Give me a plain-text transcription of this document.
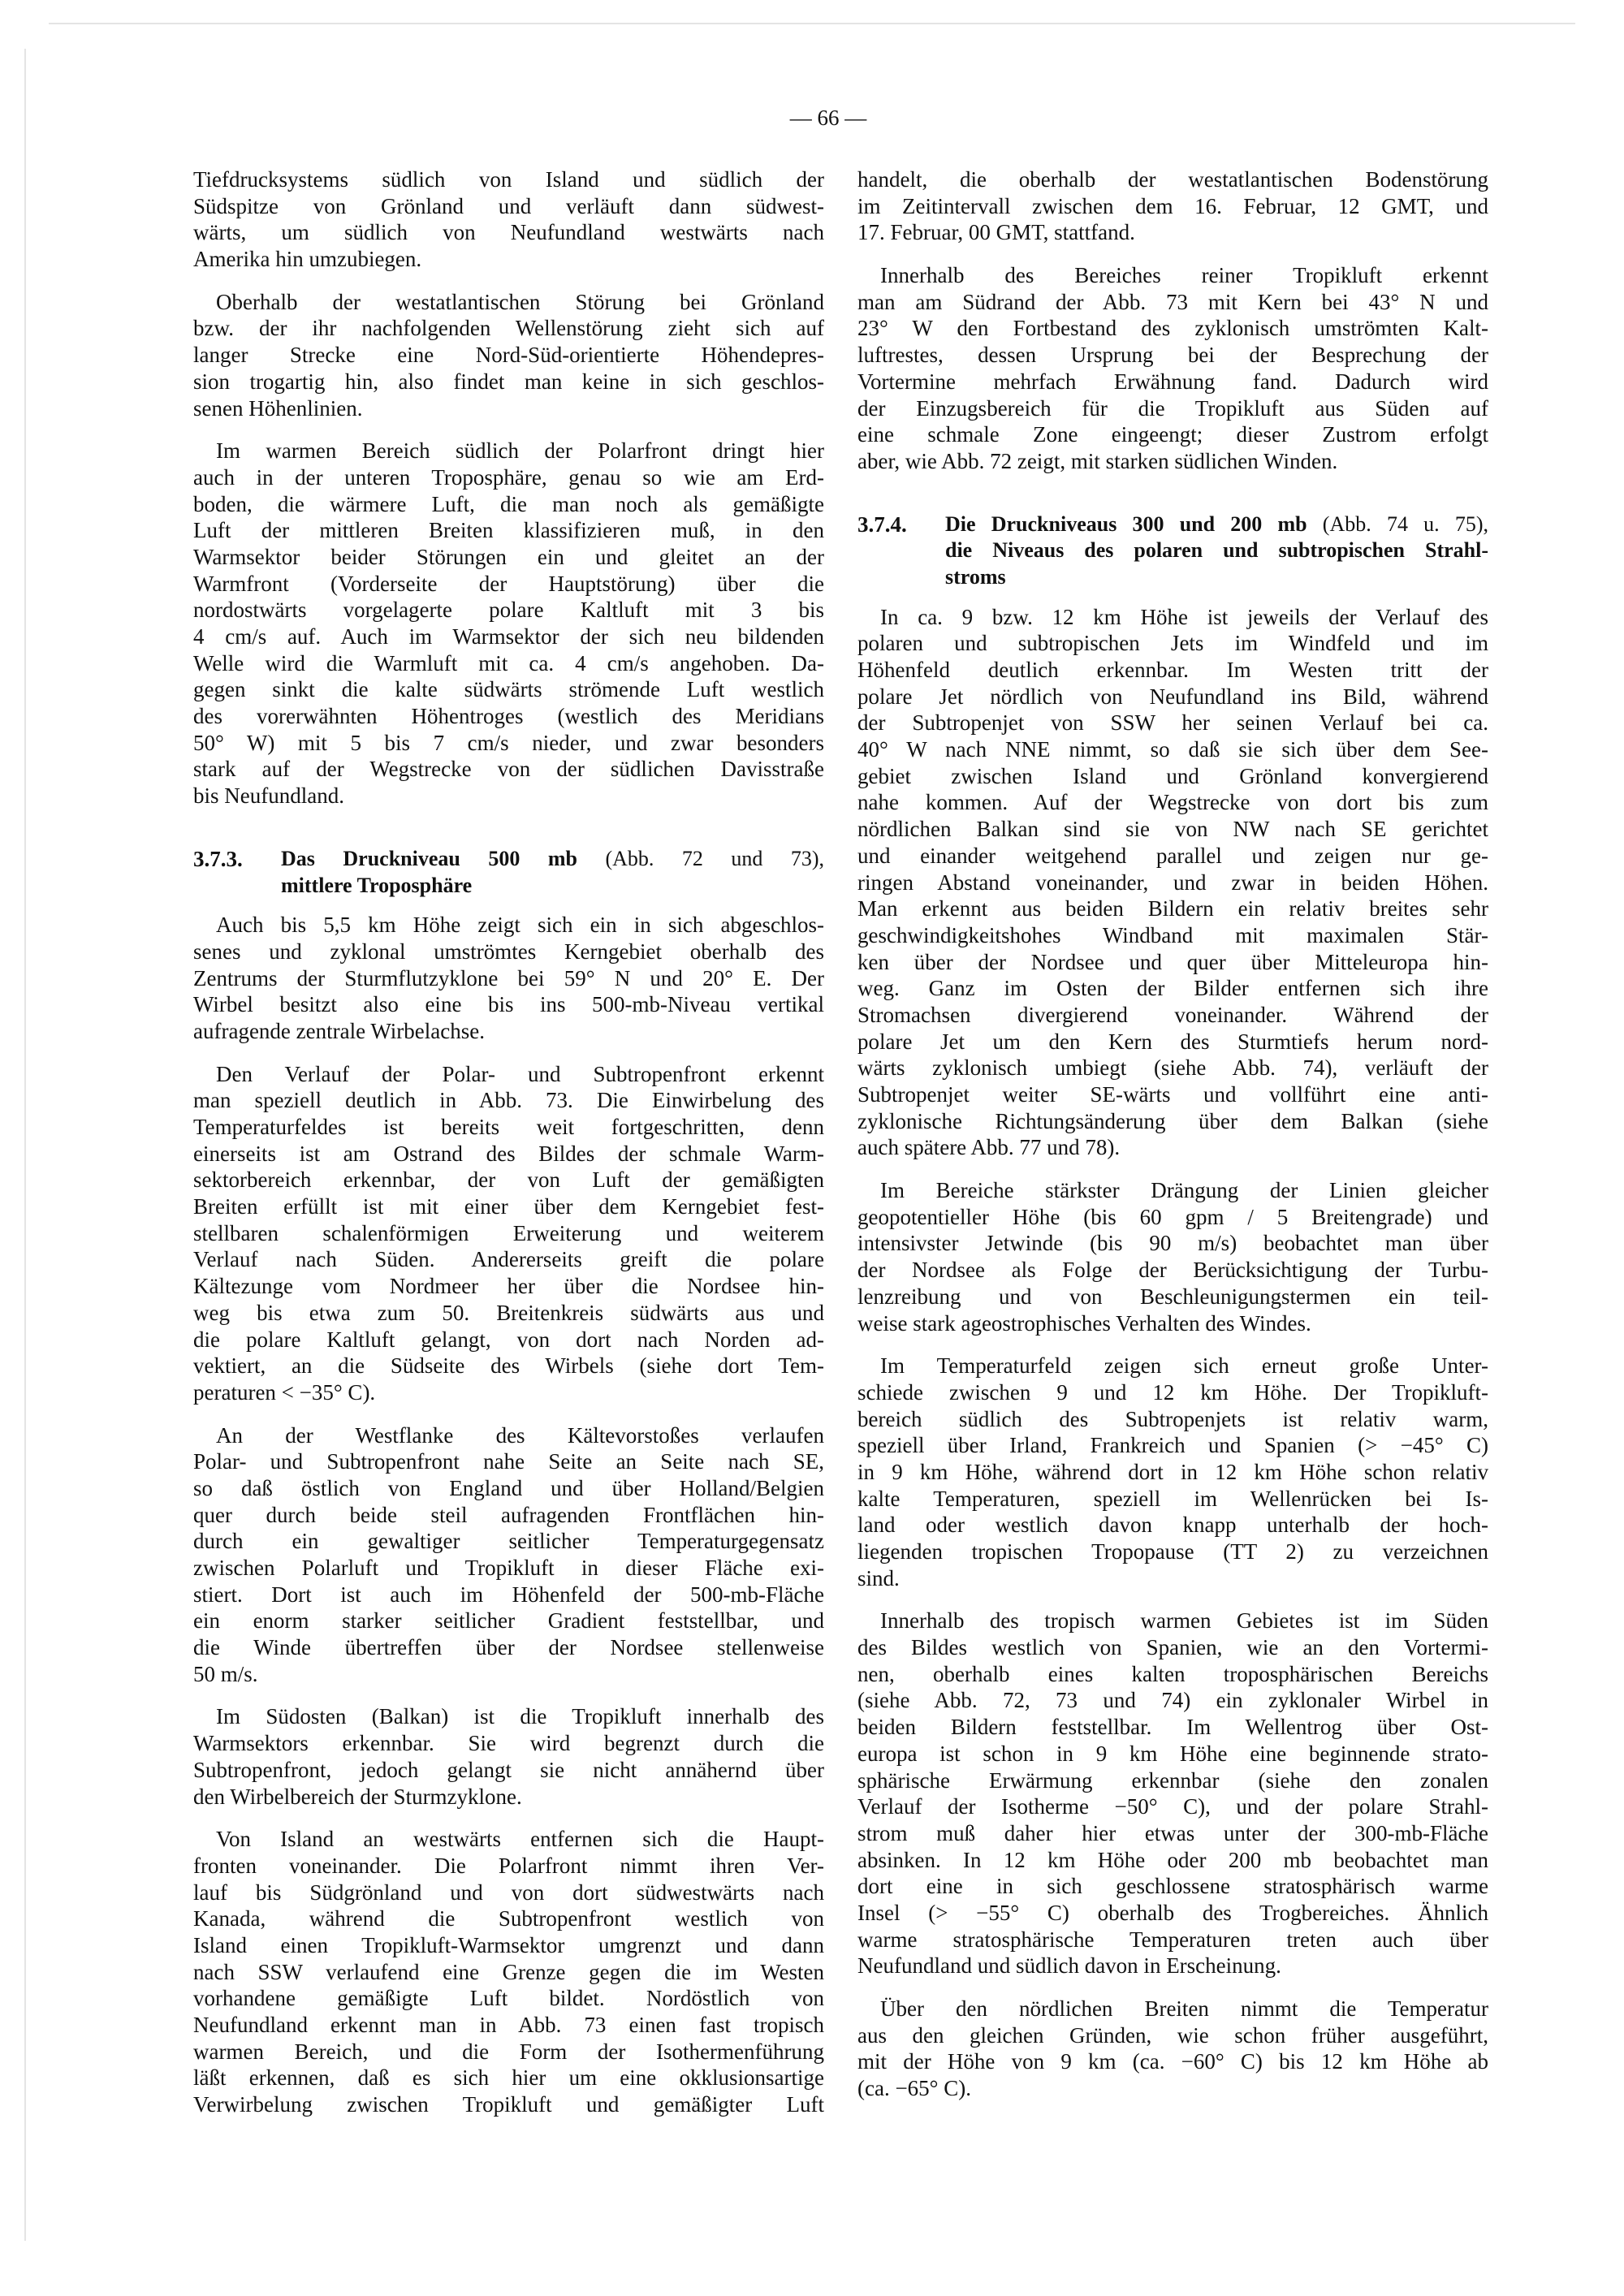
— 66 —
Tiefdrucksystems südlich von Island und südlich der
Südspitze von Grönland und verläuft dann südwest-
wärts, um südlich von Neufundland westwärts nach
Amerika hin umzubiegen.
Oberhalb der westatlantischen Störung bei Grönland
bzw. der ihr nachfolgenden Wellenstörung zieht sich auf
langer Strecke eine Nord-Süd-orientierte Höhendepres-
sion trogartig hin, also findet man keine in sich geschlos-
senen Höhenlinien.
Im warmen Bereich südlich der Polarfront dringt hier
auch in der unteren Troposphäre, genau so wie am Erd-
boden, die wärmere Luft, die man noch als gemäßigte
Luft der mittleren Breiten klassifizieren muß, in den
Warmsektor beider Störungen ein und gleitet an der
Warmfront (Vorderseite der Hauptstörung) über die
nordostwärts vorgelagerte polare Kaltluft mit 3 bis
4 cm/s auf. Auch im Warmsektor der sich neu bildenden
Welle wird die Warmluft mit ca. 4 cm/s angehoben. Da-
gegen sinkt die kalte südwärts strömende Luft westlich
des vorerwähnten Höhentroges (westlich des Meridians
50° W) mit 5 bis 7 cm/s nieder, und zwar besonders
stark auf der Wegstrecke von der südlichen Davisstraße
bis Neufundland.
3.7.3. Das Druckniveau 500 mb (Abb. 72 und 73),
mittlere Troposphäre
Auch bis 5,5 km Höhe zeigt sich ein in sich abgeschlos-
senes und zyklonal umströmtes Kerngebiet oberhalb des
Zentrums der Sturmflutzyklone bei 59° N und 20° E. Der
Wirbel besitzt also eine bis ins 500-mb-Niveau vertikal
aufragende zentrale Wirbelachse.
Den Verlauf der Polar- und Subtropenfront erkennt
man speziell deutlich in Abb. 73. Die Einwirbelung des
Temperaturfeldes ist bereits weit fortgeschritten, denn
einerseits ist am Ostrand des Bildes der schmale Warm-
sektorbereich erkennbar, der von Luft der gemäßigten
Breiten erfüllt ist mit einer über dem Kerngebiet fest-
stellbaren schalenförmigen Erweiterung und weiterem
Verlauf nach Süden. Andererseits greift die polare
Kältezunge vom Nordmeer her über die Nordsee hin-
weg bis etwa zum 50. Breitenkreis südwärts aus und
die polare Kaltluft gelangt, von dort nach Norden ad-
vektiert, an die Südseite des Wirbels (siehe dort Tem-
peraturen < −35° C).
An der Westflanke des Kältevorstoßes verlaufen
Polar- und Subtropenfront nahe Seite an Seite nach SE,
so daß östlich von England und über Holland/Belgien
quer durch beide steil aufragenden Frontflächen hin-
durch ein gewaltiger seitlicher Temperaturgegensatz
zwischen Polarluft und Tropikluft in dieser Fläche exi-
stiert. Dort ist auch im Höhenfeld der 500-mb-Fläche
ein enorm starker seitlicher Gradient feststellbar, und
die Winde übertreffen über der Nordsee stellenweise
50 m/s.
Im Südosten (Balkan) ist die Tropikluft innerhalb des
Warmsektors erkennbar. Sie wird begrenzt durch die
Subtropenfront, jedoch gelangt sie nicht annähernd über
den Wirbelbereich der Sturmzyklone.
Von Island an westwärts entfernen sich die Haupt-
fronten voneinander. Die Polarfront nimmt ihren Ver-
lauf bis Südgrönland und von dort südwestwärts nach
Kanada, während die Subtropenfront westlich von
Island einen Tropikluft-Warmsektor umgrenzt und dann
nach SSW verlaufend eine Grenze gegen die im Westen
vorhandene gemäßigte Luft bildet. Nordöstlich von
Neufundland erkennt man in Abb. 73 einen fast tropisch
warmen Bereich, und die Form der Isothermenführung
läßt erkennen, daß es sich hier um eine okklusionsartige
Verwirbelung zwischen Tropikluft und gemäßigter Luft
handelt, die oberhalb der westatlantischen Bodenstörung
im Zeitintervall zwischen dem 16. Februar, 12 GMT, und
17. Februar, 00 GMT, stattfand.
Innerhalb des Bereiches reiner Tropikluft erkennt
man am Südrand der Abb. 73 mit Kern bei 43° N und
23° W den Fortbestand des zyklonisch umströmten Kalt-
luftrestes, dessen Ursprung bei der Besprechung der
Vortermine mehrfach Erwähnung fand. Dadurch wird
der Einzugsbereich für die Tropikluft aus Süden auf
eine schmale Zone eingeengt; dieser Zustrom erfolgt
aber, wie Abb. 72 zeigt, mit starken südlichen Winden.
3.7.4. Die Druckniveaus 300 und 200 mb (Abb. 74 u. 75),
die Niveaus des polaren und subtropischen Strahl-
stroms
In ca. 9 bzw. 12 km Höhe ist jeweils der Verlauf des
polaren und subtropischen Jets im Windfeld und im
Höhenfeld deutlich erkennbar. Im Westen tritt der
polare Jet nördlich von Neufundland ins Bild, während
der Subtropenjet von SSW her seinen Verlauf bei ca.
40° W nach NNE nimmt, so daß sie sich über dem See-
gebiet zwischen Island und Grönland konvergierend
nahe kommen. Auf der Wegstrecke von dort bis zum
nördlichen Balkan sind sie von NW nach SE gerichtet
und einander weitgehend parallel und zeigen nur ge-
ringen Abstand voneinander, und zwar in beiden Höhen.
Man erkennt aus beiden Bildern ein relativ breites sehr
geschwindigkeitshohes Windband mit maximalen Stär-
ken über der Nordsee und quer über Mitteleuropa hin-
weg. Ganz im Osten der Bilder entfernen sich ihre
Stromachsen divergierend voneinander. Während der
polare Jet um den Kern des Sturmtiefs herum nord-
wärts zyklonisch umbiegt (siehe Abb. 74), verläuft der
Subtropenjet weiter SE-wärts und vollführt eine anti-
zyklonische Richtungsänderung über dem Balkan (siehe
auch spätere Abb. 77 und 78).
Im Bereiche stärkster Drängung der Linien gleicher
geopotentieller Höhe (bis 60 gpm / 5 Breitengrade) und
intensivster Jetwinde (bis 90 m/s) beobachtet man über
der Nordsee als Folge der Berücksichtigung der Turbu-
lenzreibung und von Beschleunigungstermen ein teil-
weise stark ageostrophisches Verhalten des Windes.
Im Temperaturfeld zeigen sich erneut große Unter-
schiede zwischen 9 und 12 km Höhe. Der Tropikluft-
bereich südlich des Subtropenjets ist relativ warm,
speziell über Irland, Frankreich und Spanien (> −45° C)
in 9 km Höhe, während dort in 12 km Höhe schon relativ
kalte Temperaturen, speziell im Wellenrücken bei Is-
land oder westlich davon knapp unterhalb der hoch-
liegenden tropischen Tropopause (TT 2) zu verzeichnen
sind.
Innerhalb des tropisch warmen Gebietes ist im Süden
des Bildes westlich von Spanien, wie an den Vortermi-
nen, oberhalb eines kalten troposphärischen Bereichs
(siehe Abb. 72, 73 und 74) ein zyklonaler Wirbel in
beiden Bildern feststellbar. Im Wellentrog über Ost-
europa ist schon in 9 km Höhe eine beginnende strato-
sphärische Erwärmung erkennbar (siehe den zonalen
Verlauf der Isotherme −50° C), und der polare Strahl-
strom muß daher hier etwas unter der 300-mb-Fläche
absinken. In 12 km Höhe oder 200 mb beobachtet man
dort eine in sich geschlossene stratosphärisch warme
Insel (> −55° C) oberhalb des Trogbereiches. Ähnlich
warme stratosphärische Temperaturen treten auch über
Neufundland und südlich davon in Erscheinung.
Über den nördlichen Breiten nimmt die Temperatur
aus den gleichen Gründen, wie schon früher ausgeführt,
mit der Höhe von 9 km (ca. −60° C) bis 12 km Höhe ab
(ca. −65° C).
